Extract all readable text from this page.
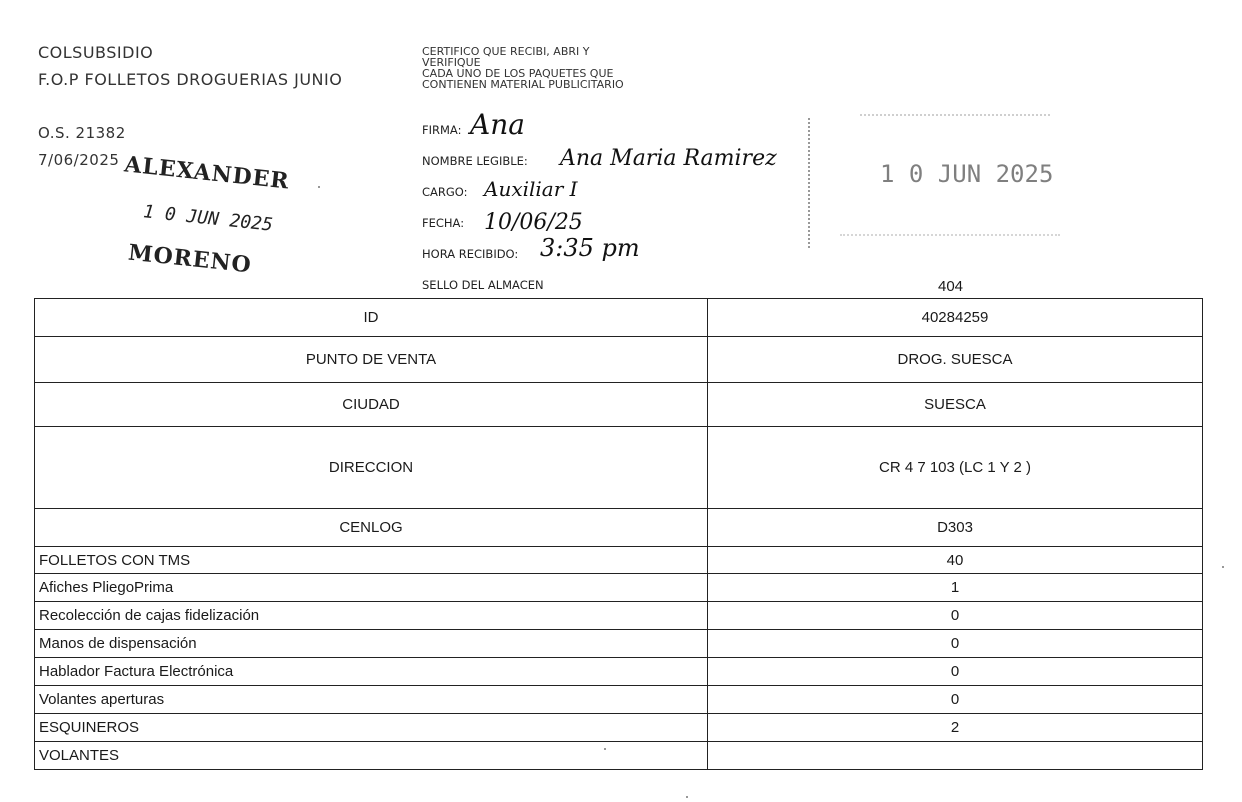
COLSUBSIDIO
F.O.P FOLLETOS DROGUERIAS JUNIO
O.S. 21382
7/06/2025 ALEXANDER
1 0 JUN 2025
MORENO
CERTIFICO QUE RECIBI, ABRI Y
VERIFIQUE
CADA UNO DE LOS PAQUETES QUE
CONTIENEN MATERIAL PUBLICITARIO
FIRMA: Ana
NOMBRE LEGIBLE: Ana Maria Ramirez
CARGO: Auxiliar I
FECHA: 10/06/25
HORA RECIBIDO: 3:35 pm
SELLO DEL ALMACEN
1 0 JUN 2025
404
ID	40284259
PUNTO DE VENTA	DROG. SUESCA
CIUDAD	SUESCA
DIRECCION	CR 4 7 103 (LC 1 Y 2 )
CENLOG	D303
FOLLETOS CON TMS	40
Afiches PliegoPrima	1
Recolección de cajas fidelización	0
Manos de dispensación	0
Hablador Factura Electrónica	0
Volantes aperturas	0
ESQUINEROS	2
VOLANTES	
